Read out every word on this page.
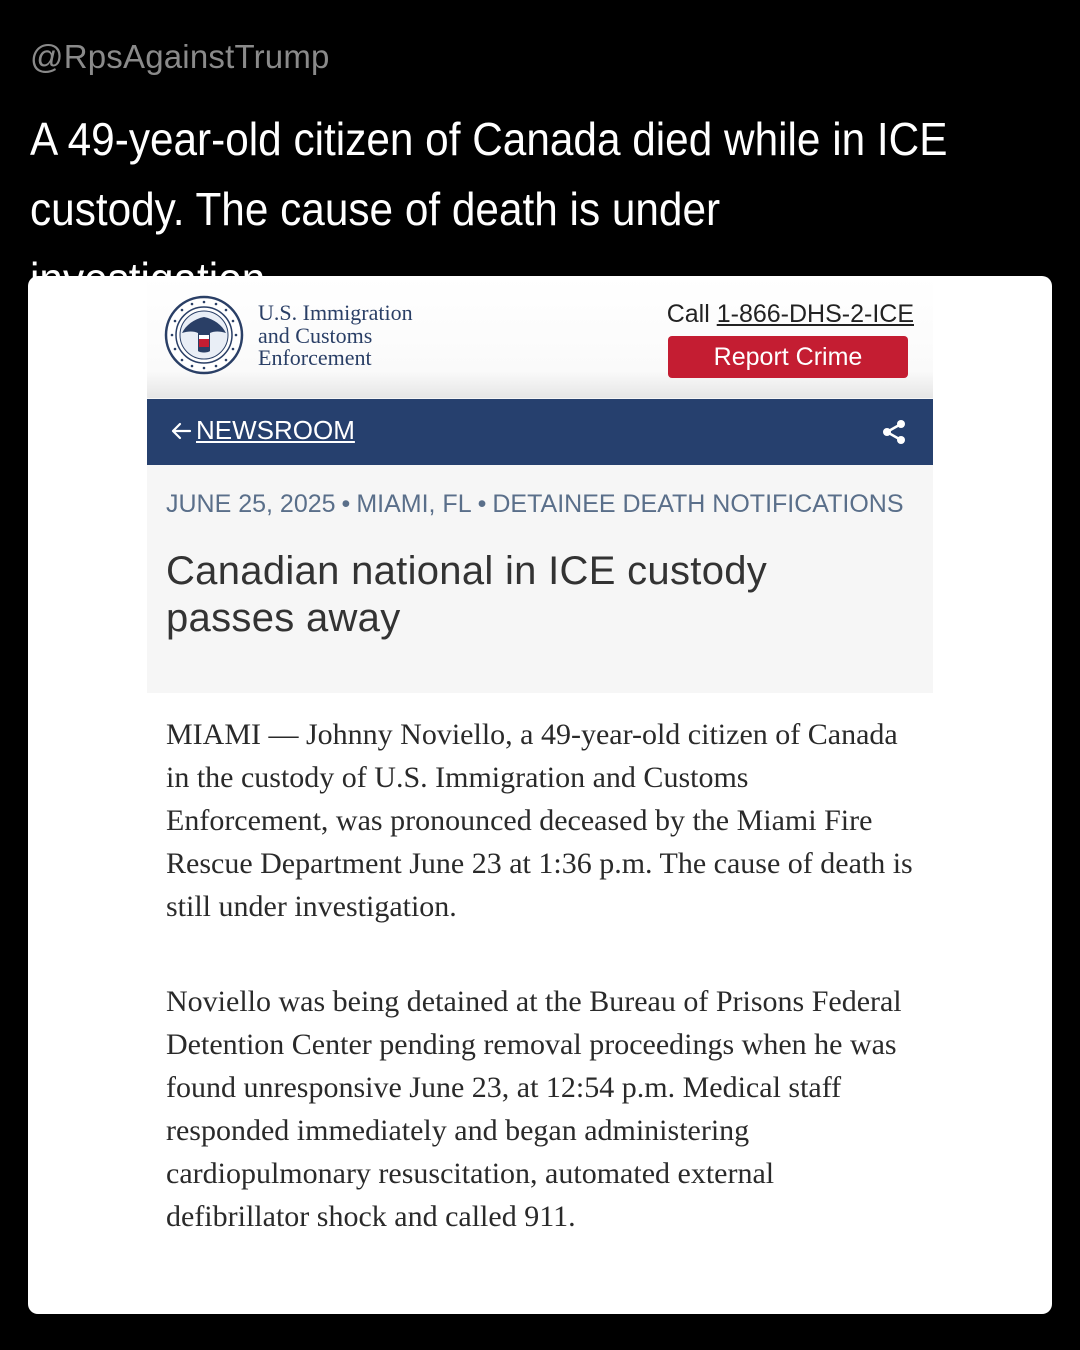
@RpsAgainstTrump
A 49-year-old citizen of Canada died while in ICE custody. The cause of death is under
U.S. Immigration
and Customs
Enforcement
Call 1-866-DHS-2-ICE
Report Crime
NEWSROOM
JUNE 25, 2025 • MIAMI, FL • DETAINEE DEATH NOTIFICATIONS
Canadian national in ICE custody passes away
MIAMI — Johnny Noviello, a 49-year-old citizen of Canada in the custody of U.S. Immigration and Customs Enforcement, was pronounced deceased by the Miami Fire Rescue Department June 23 at 1:36 p.m. The cause of death is still under investigation.
Noviello was being detained at the Bureau of Prisons Federal Detention Center pending removal proceedings when he was found unresponsive June 23, at 12:54 p.m. Medical staff responded immediately and began administering cardiopulmonary resuscitation, automated external defibrillator shock and called 911.
